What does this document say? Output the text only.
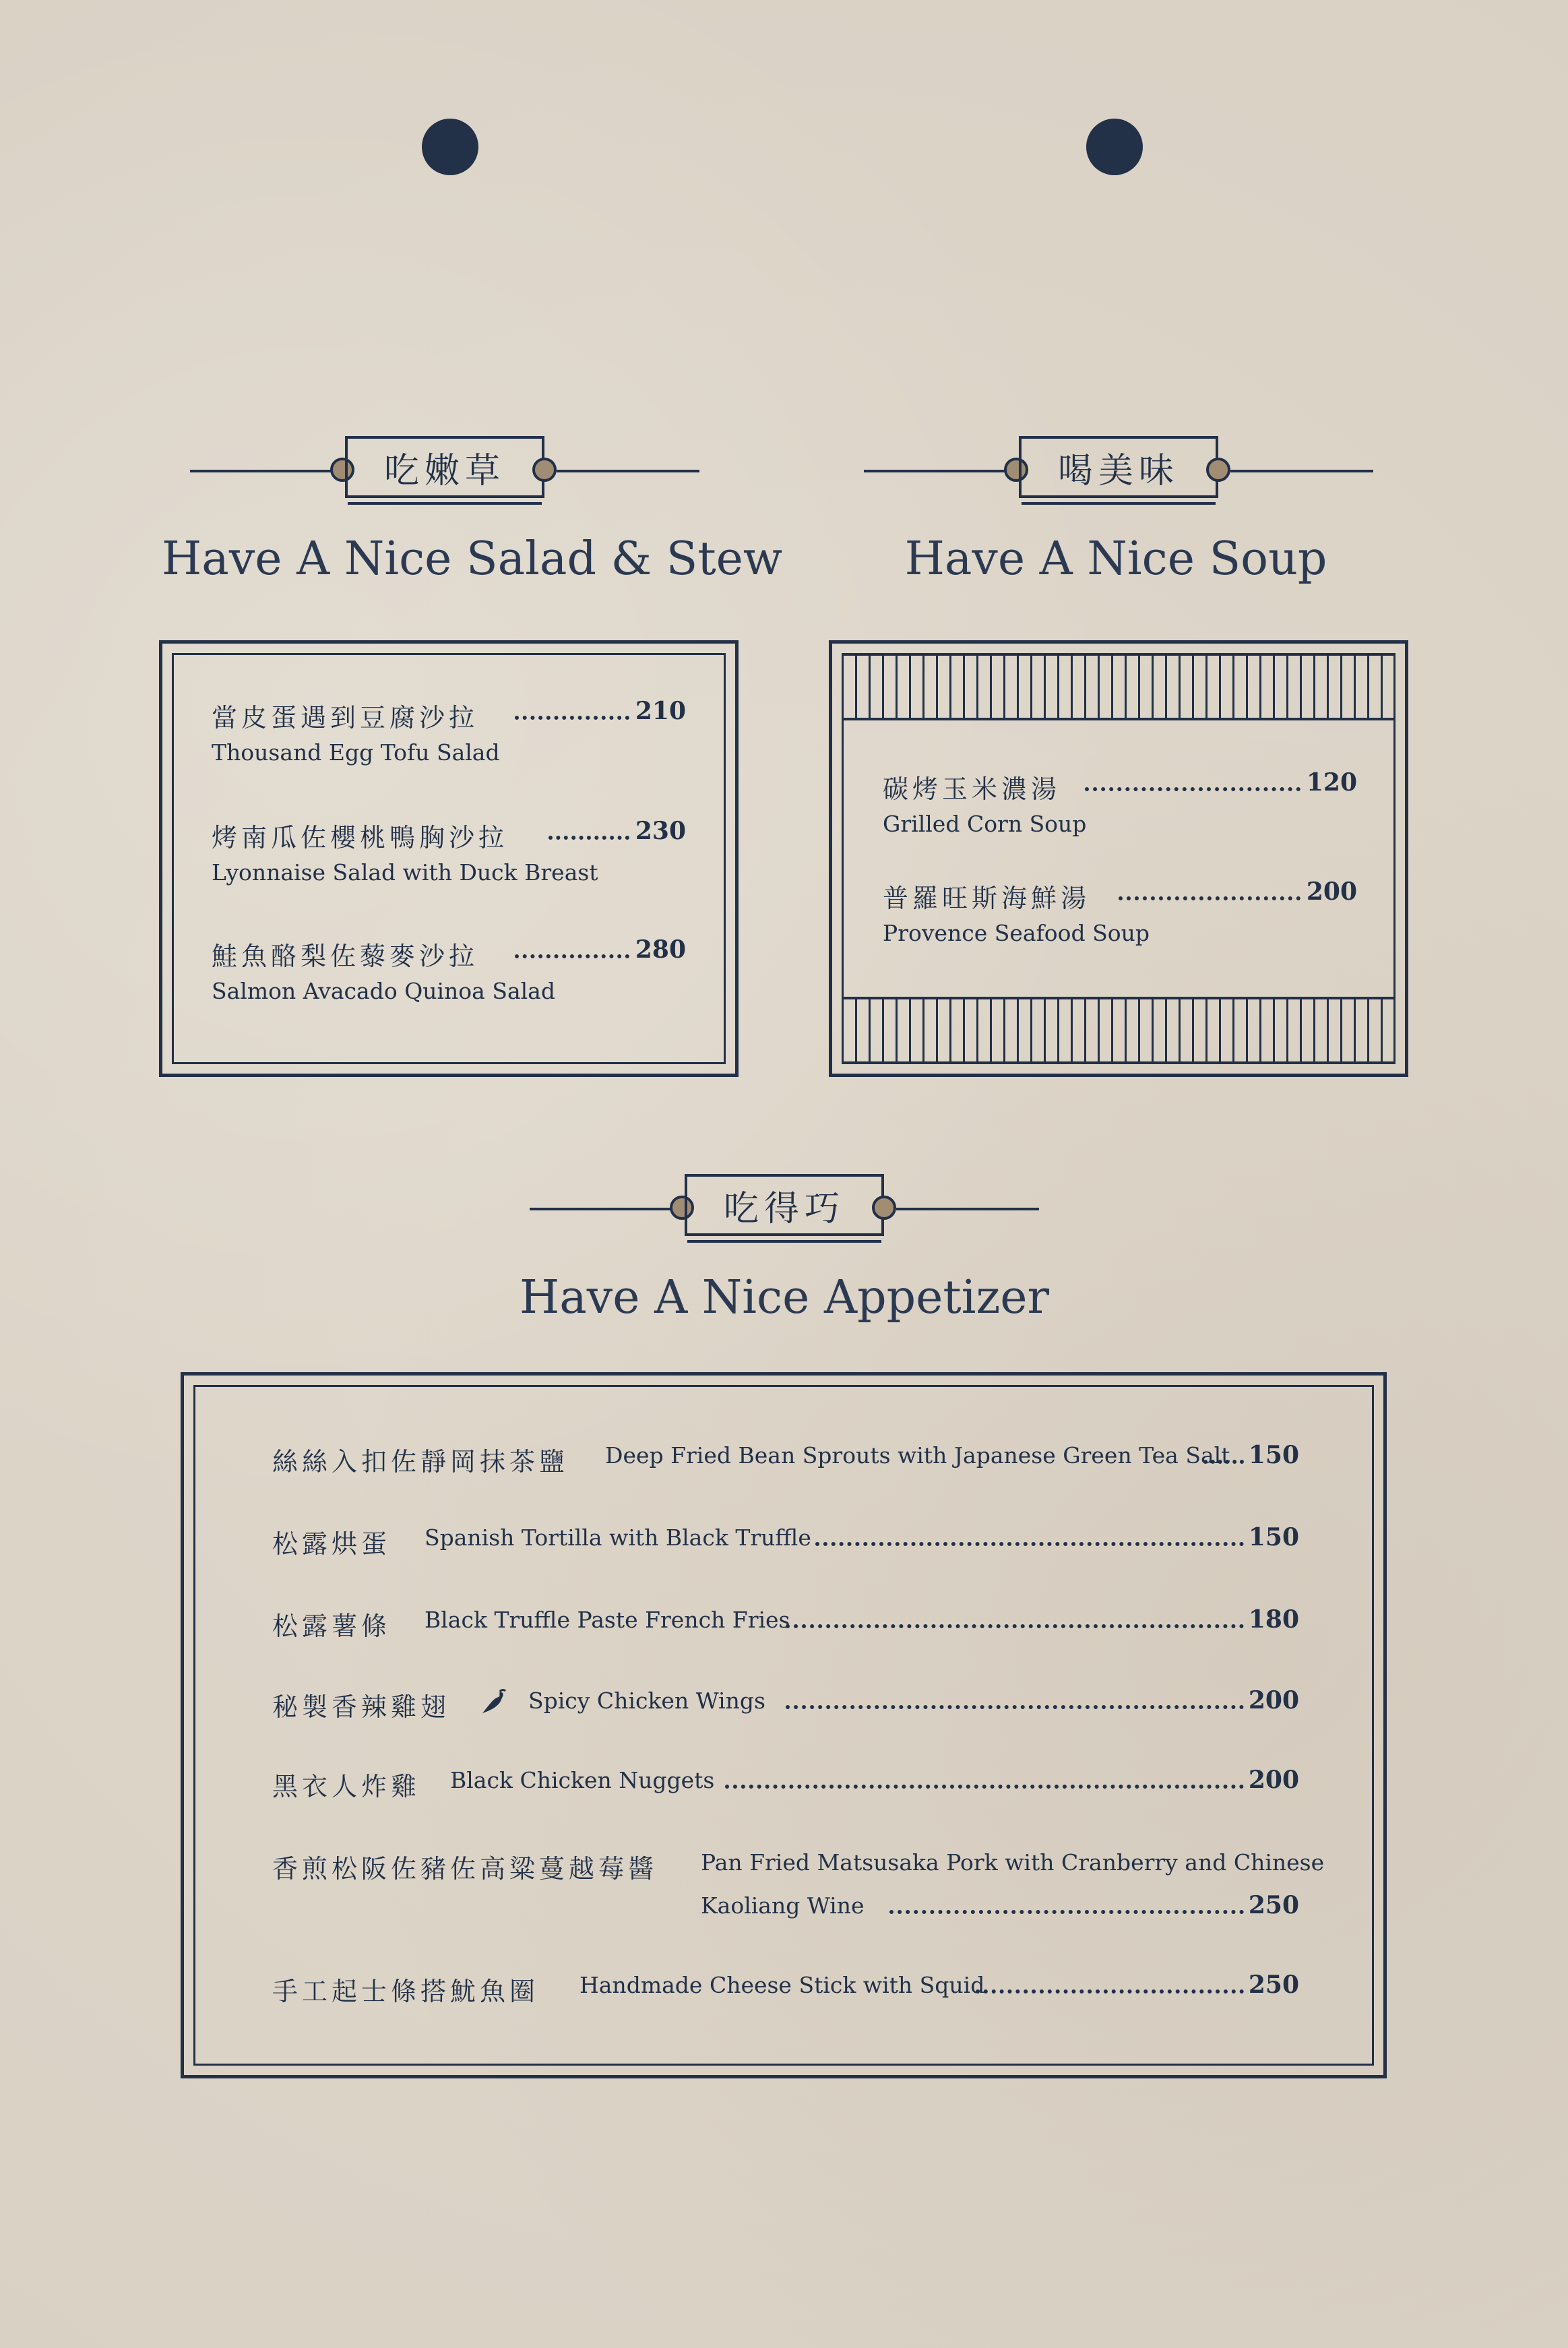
吃嫩草
Have A Nice Salad & Stew
當皮蛋遇到豆腐沙拉	210
Thousand Egg Tofu Salad
烤南瓜佐櫻桃鴨胸沙拉	230
Lyonnaise Salad with Duck Breast
鮭魚酪梨佐藜麥沙拉	280
Salmon Avacado Quinoa Salad
喝美味
Have A Nice Soup
碳烤玉米濃湯	120
Grilled Corn Soup
普羅旺斯海鮮湯	200
Provence Seafood Soup
吃得巧
Have A Nice Appetizer
絲絲入扣佐靜岡抹茶鹽 Deep Fried Bean Sprouts with Japanese Green Tea Salt 150
松露烘蛋 Spanish Tortilla with Black Truffle	150
松露薯條 Black Truffle Paste French Fries	180
秘製香辣雞翅	Spicy Chicken Wings	200
黑衣人炸雞 Black Chicken Nuggets	200
香煎松阪佐豬佐高粱蔓越莓醬 Pan Fried Matsusaka Pork with Cranberry and Chinese
Kaoliang Wine	250
手工起士條搭魷魚圈 Handmade Cheese Stick with Squid	250
